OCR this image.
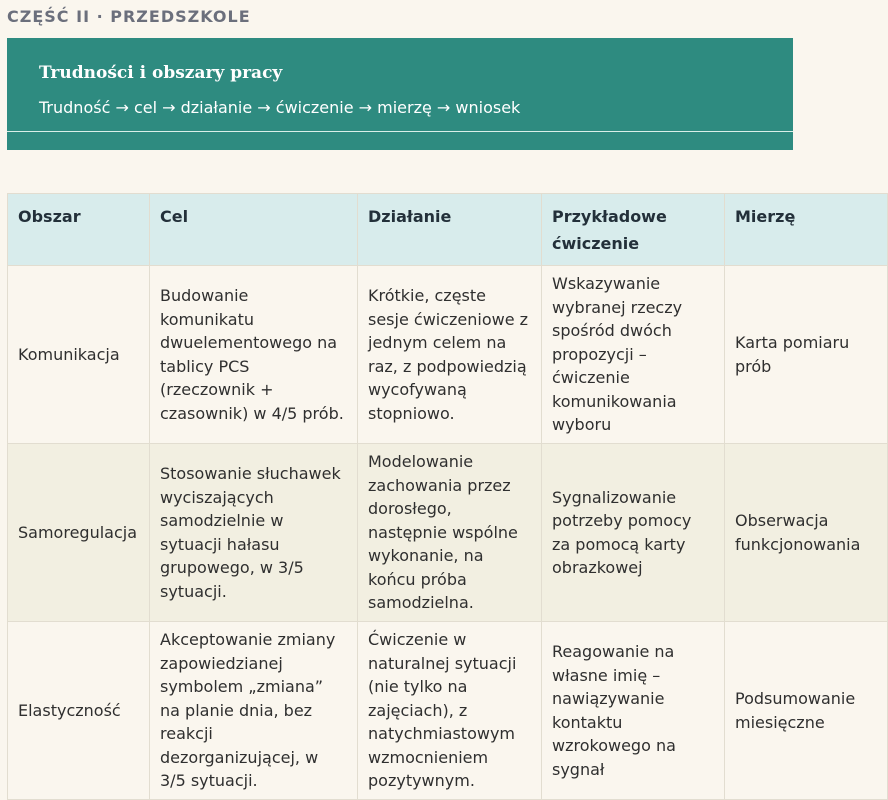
CZĘŚĆ II · PRZEDSZKOLE
Trudności i obszary pracy
Trudność → cel → działanie → ćwiczenie → mierzę → wniosek
Obszar	Cel	Działanie	Przykładowe ćwiczenie	Mierzę
Komunikacja	Budowanie komunikatu dwuelementowego na tablicy PCS (rzeczownik + czasownik) w 4/5 prób.	Krótkie, częste sesje ćwiczeniowe z jednym celem na raz, z podpowiedzią wycofywaną stopniowo.	Wskazywanie wybranej rzeczy spośród dwóch propozycji – ćwiczenie komunikowania wyboru	Karta pomiaru prób
Samoregulacja	Stosowanie słuchawek wyciszających samodzielnie w sytuacji hałasu grupowego, w 3/5 sytuacji.	Modelowanie zachowania przez dorosłego, następnie wspólne wykonanie, na końcu próba samodzielna.	Sygnalizowanie potrzeby pomocy za pomocą karty obrazkowej	Obserwacja funkcjonowania
Elastyczność	Akceptowanie zmiany zapowiedzianej symbolem „zmiana” na planie dnia, bez reakcji dezorganizującej, w 3/5 sytuacji.	Ćwiczenie w naturalnej sytuacji (nie tylko na zajęciach), z natychmiastowym wzmocnieniem pozytywnym.	Reagowanie na własne imię – nawiązywanie kontaktu wzrokowego na sygnał	Podsumowanie miesięczne
